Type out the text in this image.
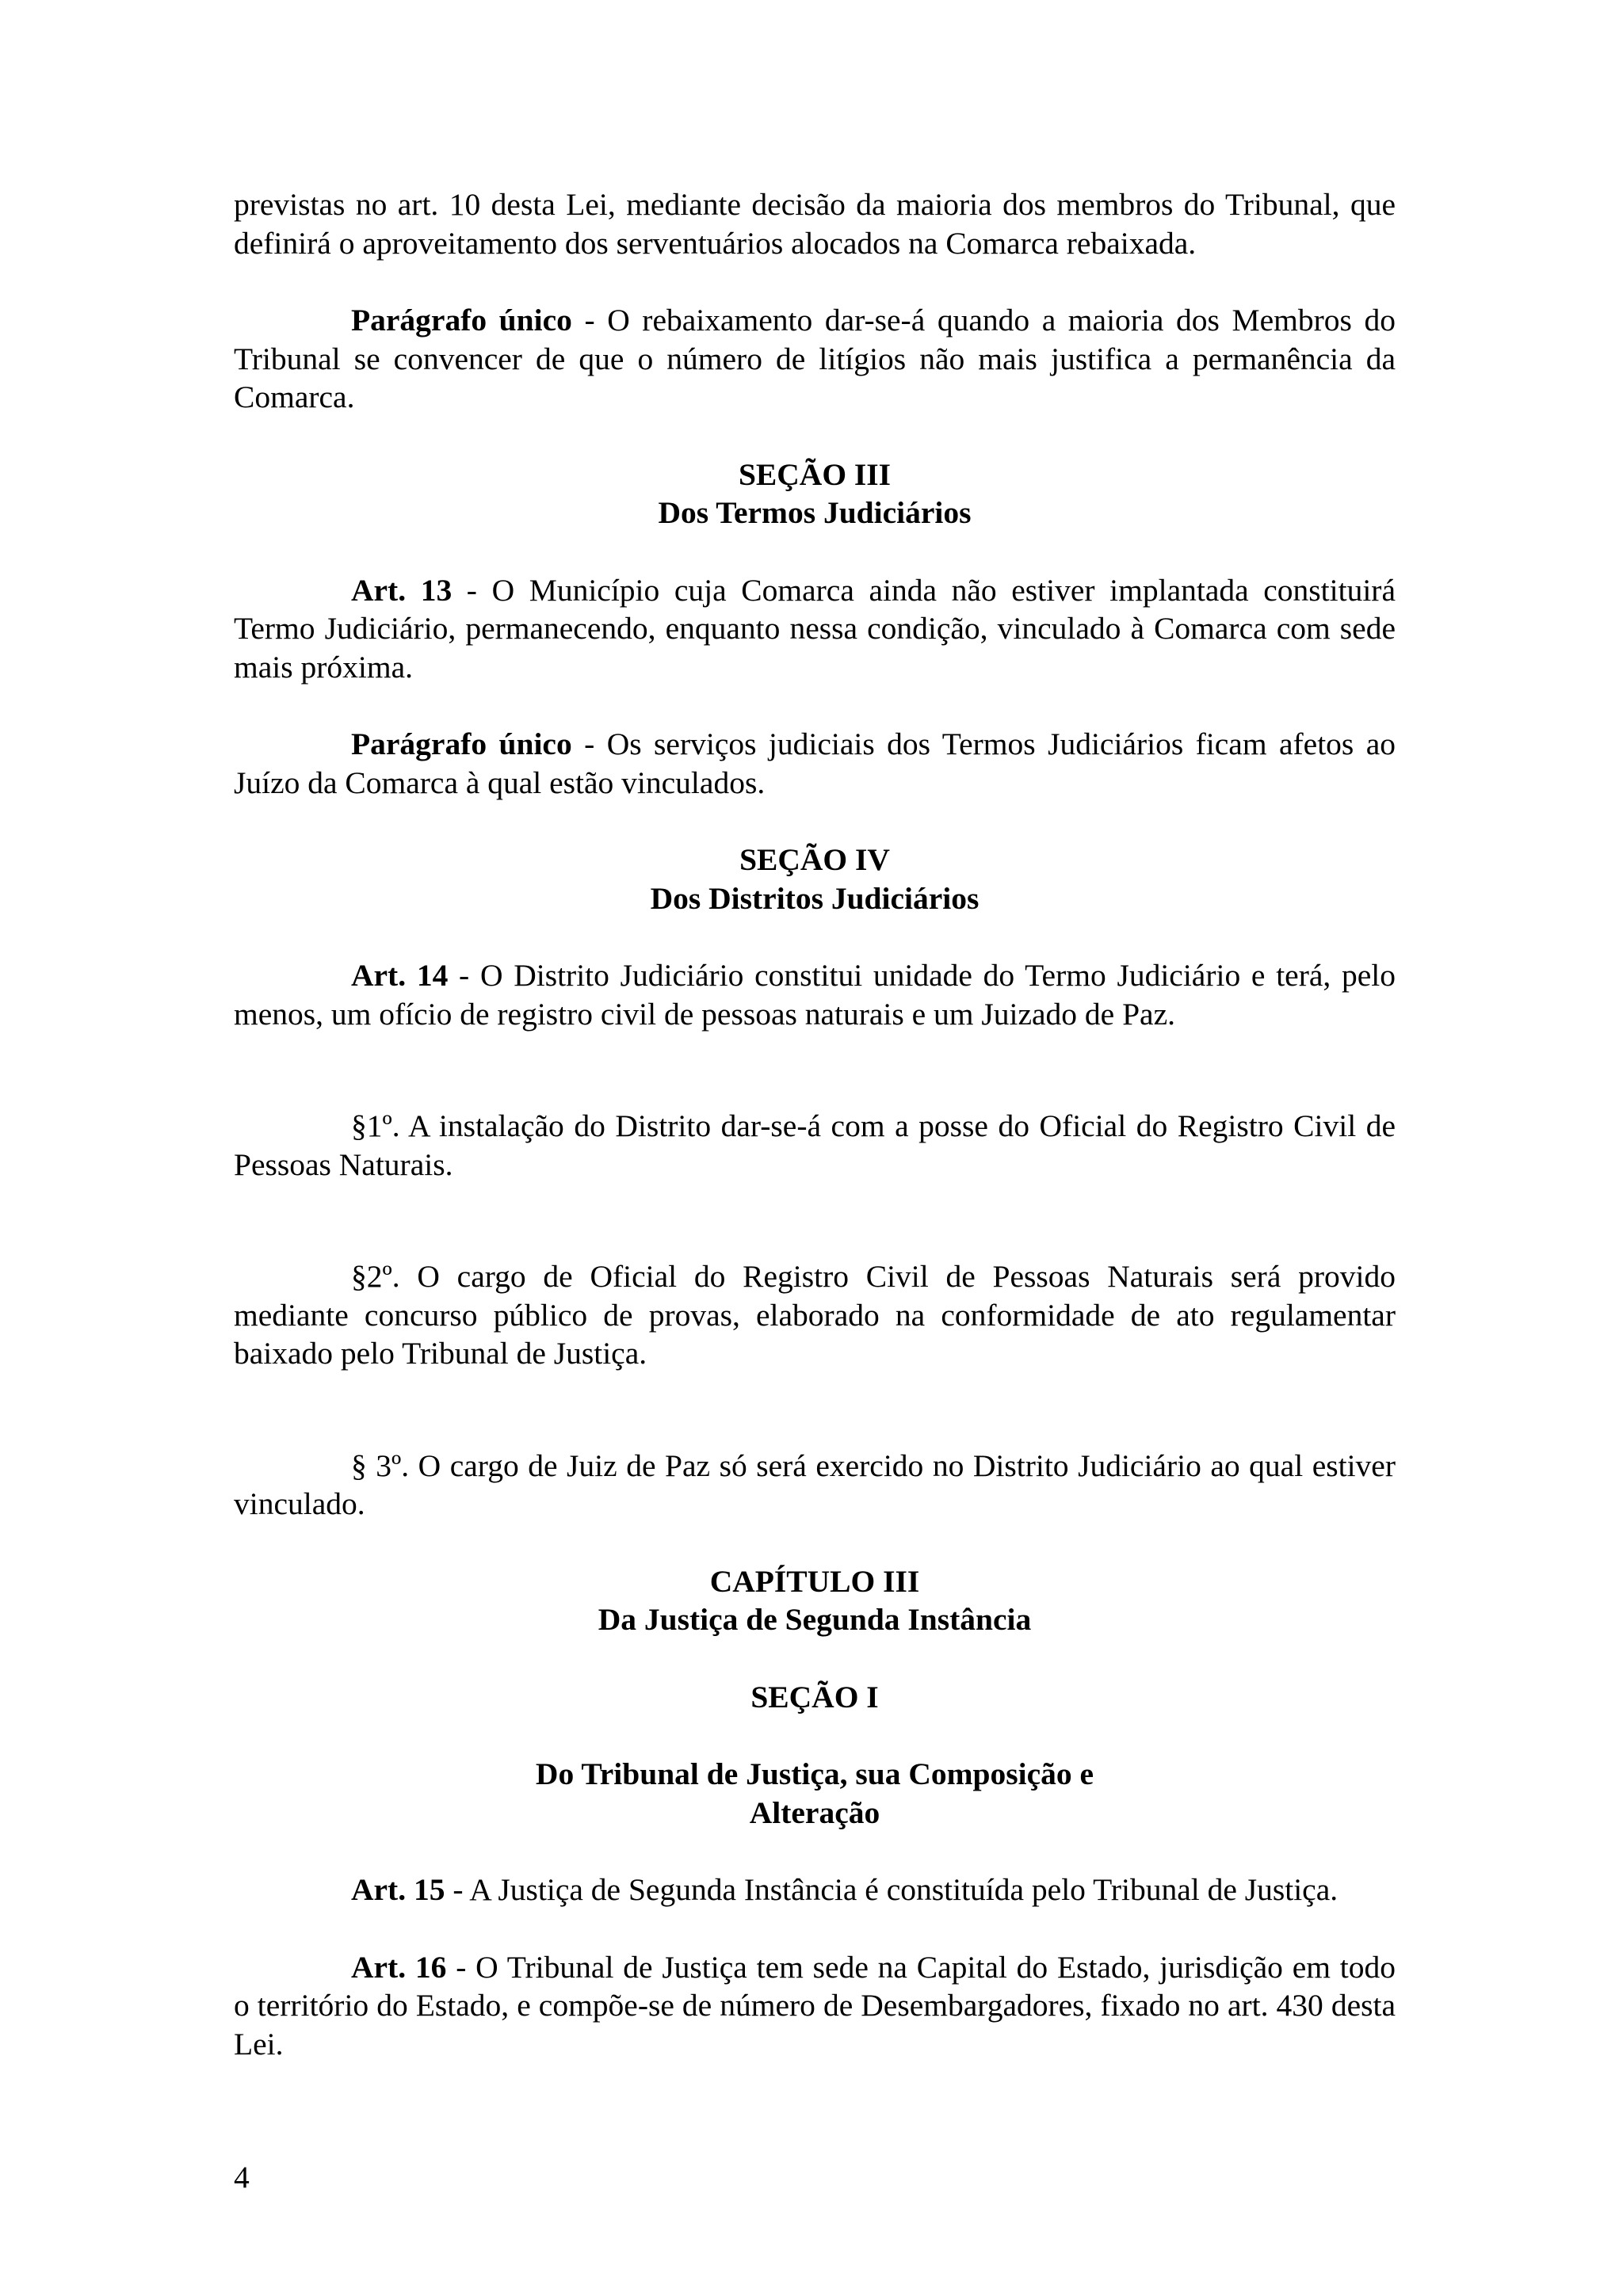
previstas no art. 10 desta Lei, mediante decisão da maioria dos membros do Tribunal, que definirá o aproveitamento dos serventuários alocados na Comarca rebaixada.

Parágrafo único - O rebaixamento dar-se-á quando a maioria dos Membros do Tribunal se convencer de que o número de litígios não mais justifica a permanência da Comarca.

SEÇÃO III
Dos Termos Judiciários

Art. 13 - O Município cuja Comarca ainda não estiver implantada constituirá Termo Judiciário, permanecendo, enquanto nessa condição, vinculado à Comarca com sede mais próxima.

Parágrafo único - Os serviços judiciais dos Termos Judiciários ficam afetos ao Juízo da Comarca à qual estão vinculados.

SEÇÃO IV
Dos Distritos Judiciários

Art. 14 - O Distrito Judiciário constitui unidade do Termo Judiciário e terá, pelo menos, um ofício de registro civil de pessoas naturais e um Juizado de Paz.

§1º. A instalação do Distrito dar-se-á com a posse do Oficial do Registro Civil de Pessoas Naturais.

§2º. O cargo de Oficial do Registro Civil de Pessoas Naturais será provido mediante concurso público de provas, elaborado na conformidade de ato regulamentar baixado pelo Tribunal de Justiça.

§ 3º. O cargo de Juiz de Paz só será exercido no Distrito Judiciário ao qual estiver vinculado.

CAPÍTULO III
Da Justiça de Segunda Instância
SEÇÃO I
Do Tribunal de Justiça, sua Composição e
Alteração

Art. 15 - A Justiça de Segunda Instância é constituída pelo Tribunal de Justiça.

Art. 16 - O Tribunal de Justiça tem sede na Capital do Estado, jurisdição em todo o território do Estado, e compõe-se de número de Desembargadores, fixado no art. 430 desta Lei.

4
